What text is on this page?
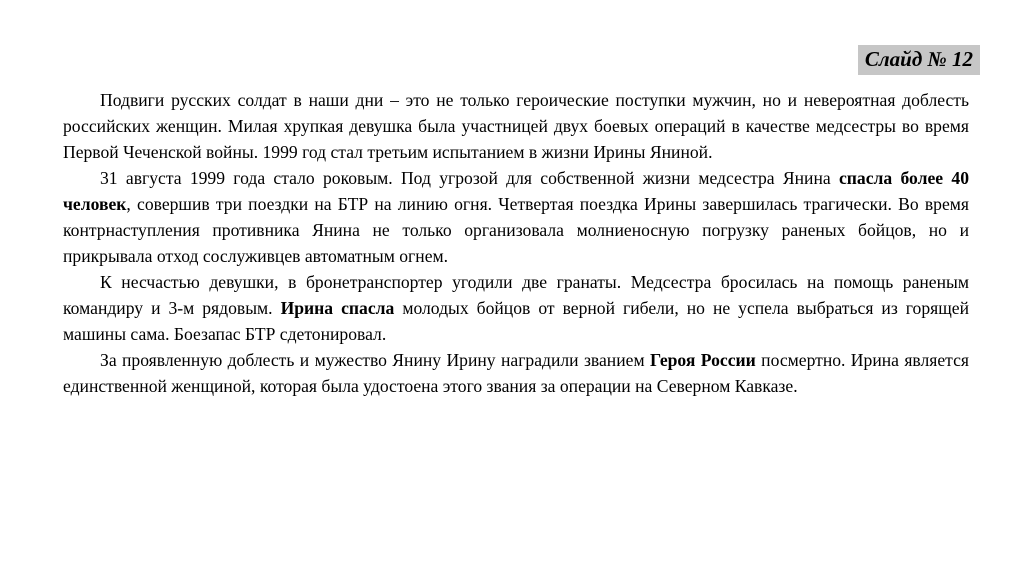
Слайд № 12

Подвиги русских солдат в наши дни – это не только героические поступки мужчин, но и невероятная доблесть российских женщин. Милая хрупкая девушка была участницей двух боевых операций в качестве медсестры во время Первой Чеченской войны. 1999 год стал третьим испытанием в жизни Ирины Яниной.

31 августа 1999 года стало роковым. Под угрозой для собственной жизни медсестра Янина спасла более 40 человек, совершив три поездки на БТР на линию огня. Четвертая поездка Ирины завершилась трагически. Во время контрнаступления противника Янина не только организовала молниеносную погрузку раненых бойцов, но и прикрывала отход сослуживцев автоматным огнем.

К несчастью девушки, в бронетранспортер угодили две гранаты. Медсестра бросилась на помощь раненым командиру и 3-м рядовым. Ирина спасла молодых бойцов от верной гибели, но не успела выбраться из горящей машины сама. Боезапас БТР сдетонировал.

За проявленную доблесть и мужество Янину Ирину наградили званием Героя России посмертно. Ирина является единственной женщиной, которая была удостоена этого звания за операции на Северном Кавказе.
